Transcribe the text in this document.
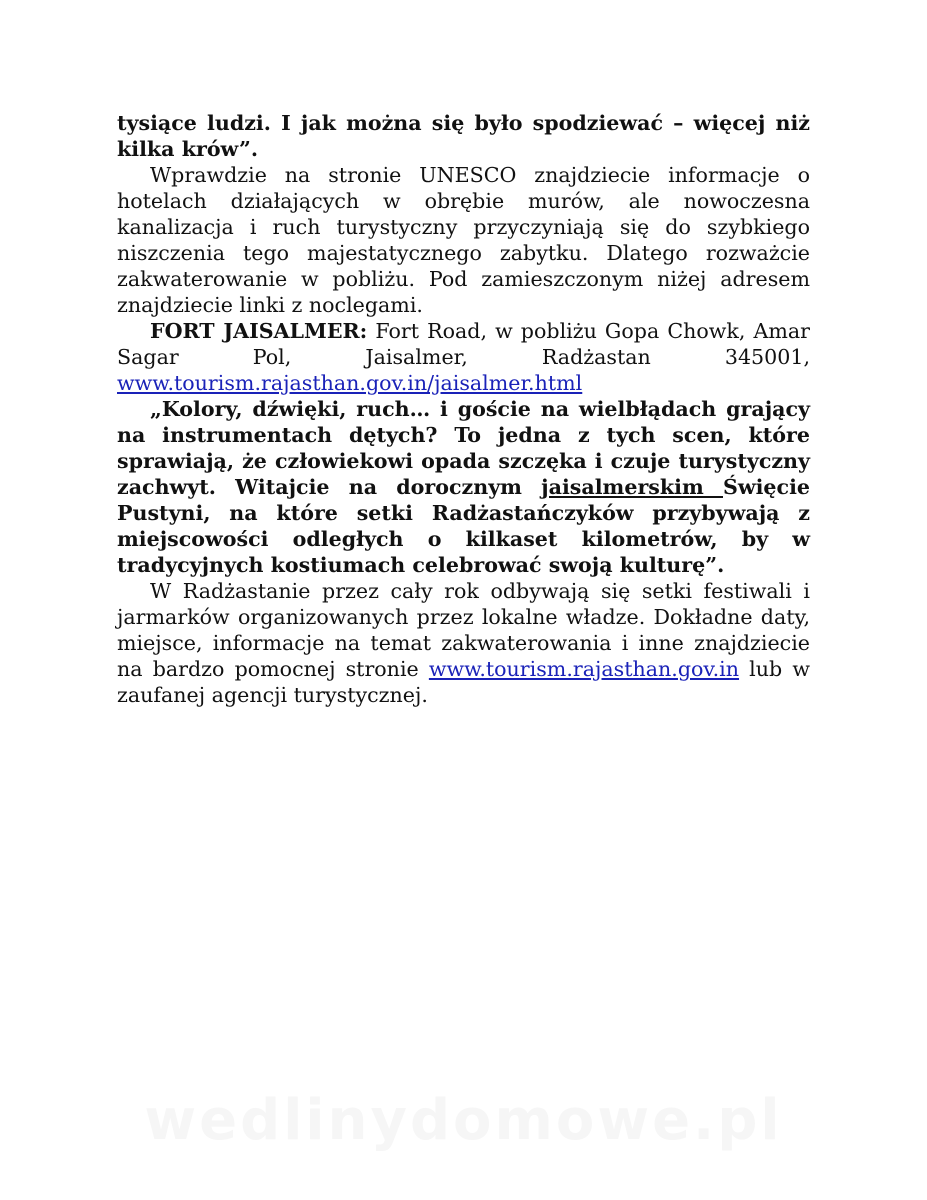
tysiące ludzi. I jak można się było spodziewać – więcej niż kilka krów”.

Wprawdzie na stronie UNESCO znajdziecie informacje o hotelach działających w obrębie murów, ale nowoczesna kanalizacja i ruch turystyczny przyczyniają się do szybkiego niszczenia tego majestatycznego zabytku. Dlatego rozważcie zakwaterowanie w pobliżu. Pod zamieszczonym niżej adresem znajdziecie linki z noclegami.

FORT JAISALMER: Fort Road, w pobliżu Gopa Chowk, Amar Sagar Pol, Jaisalmer, Radżastan 345001, www.tourism.rajasthan.gov.in/jaisalmer.html

„Kolory, dźwięki, ruch… i goście na wielbłądach grający na instrumentach dętych? To jedna z tych scen, które sprawiają, że człowiekowi opada szczęka i czuje turystyczny zachwyt. Witajcie na dorocznym jaisalmerskim Święcie Pustyni, na które setki Radżastańczyków przybywają z miejscowości odległych o kilkaset kilometrów, by w tradycyjnych kostiumach celebrować swoją kulturę”.

W Radżastanie przez cały rok odbywają się setki festiwali i jarmarków organizowanych przez lokalne władze. Dokładne daty, miejsce, informacje na temat zakwaterowania i inne znajdziecie na bardzo pomocnej stronie www.tourism.rajasthan.gov.in lub w zaufanej agencji turystycznej.

wedlinydomowe.pl
